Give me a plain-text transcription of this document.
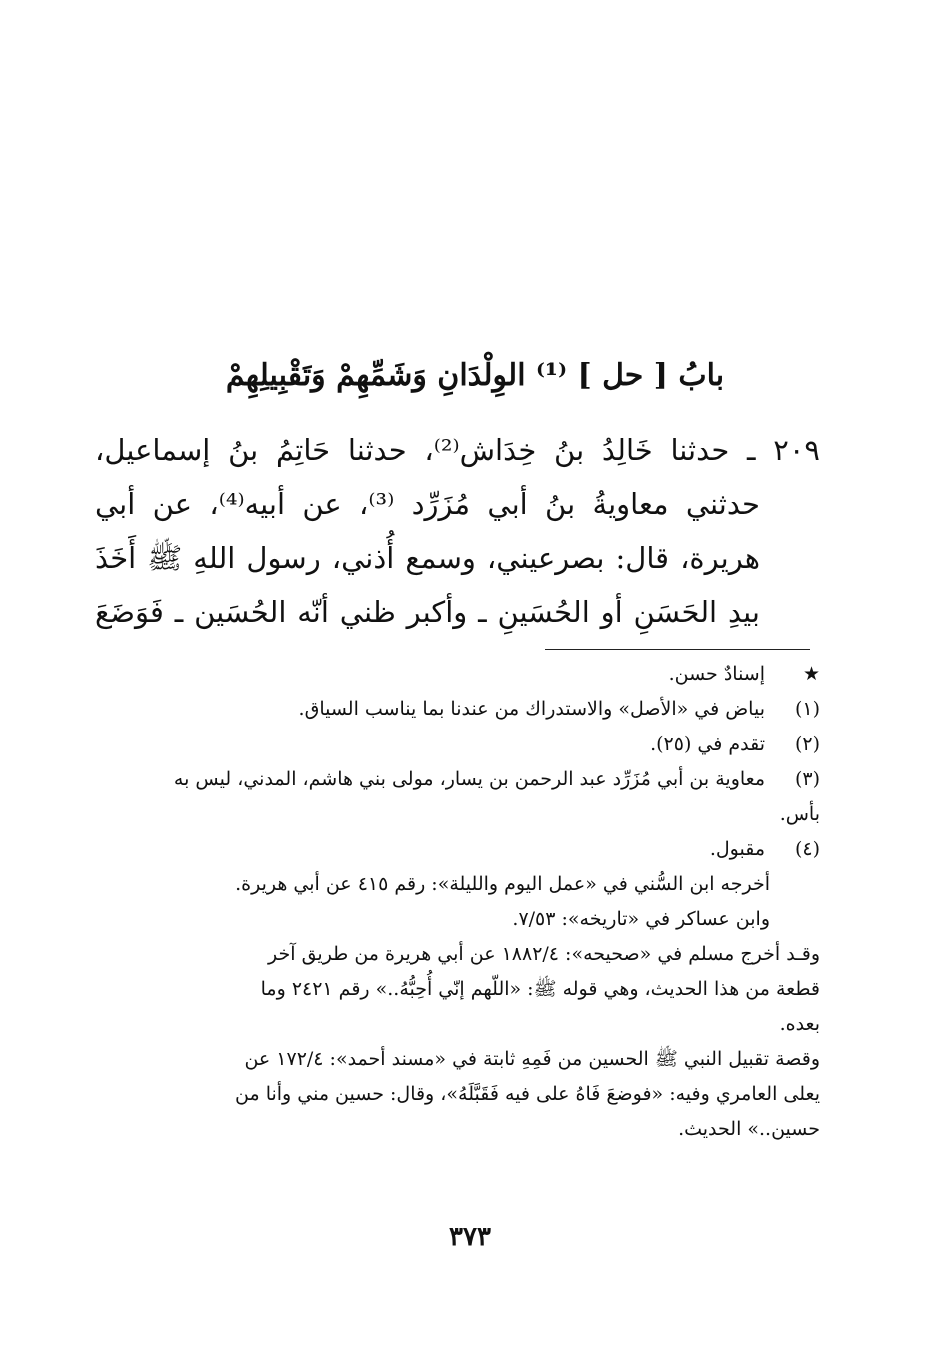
بابُ [ حل ] ⁽¹⁾ الوِلْدَانِ وَشَمِّهِمْ وَتَقْبِيلِهِمْ
٢٠٩ ـ حدثنا خَالِدُ بنُ خِدَاش⁽²⁾، حدثنا حَاتِمُ بنُ إسماعيل،
حدثني معاويةُ بنُ أبي مُزَرِّد ⁽³⁾، عن أبيه⁽⁴⁾، عن أبي
هريرة، قال: بصرعيني، وسمع أُذني، رسول اللهِ ﷺ أَخَذَ
بيدِ الحَسَنِ أو الحُسَينِ ـ وأكبر ظني أنّه الحُسَين ـ فَوَضَعَ
★
إسنادٌ حسن.
(١)
بياض في «الأصل» والاستدراك من عندنا بما يناسب السياق.
(٢)
تقدم في (٢٥).
(٣)
معاوية بن أبي مُزَرِّد عبد الرحمن بن يسار، مولى بني هاشم، المدني، ليس به
بأس.
(٤)
مقبول.
أخرجه ابن السُّني في «عمل اليوم والليلة»: رقم ٤١٥ عن أبي هريرة.
وابن عساكر في «تاريخه»: ٧/٥٣.
وقـد أخرج مسلم في «صحيحه»: ١٨٨٢/٤ عن أبي هريرة من طريق آخر
قطعة من هذا الحديث، وهي قوله ﷺ: «اللّهم إنّي أُحِبُّهُ..» رقم ٢٤٢١ وما
بعده.
وقصة تقبيل النبي ﷺ الحسين من فَمِهِ ثابتة في «مسند أحمد»: ١٧٢/٤ عن
يعلى العامري وفيه: «فوضعَ فَاهُ على فيه فَقَبَّلَهُ»، وقال: حسين مني وأنا من
حسين..» الحديث.
٣٧٣
